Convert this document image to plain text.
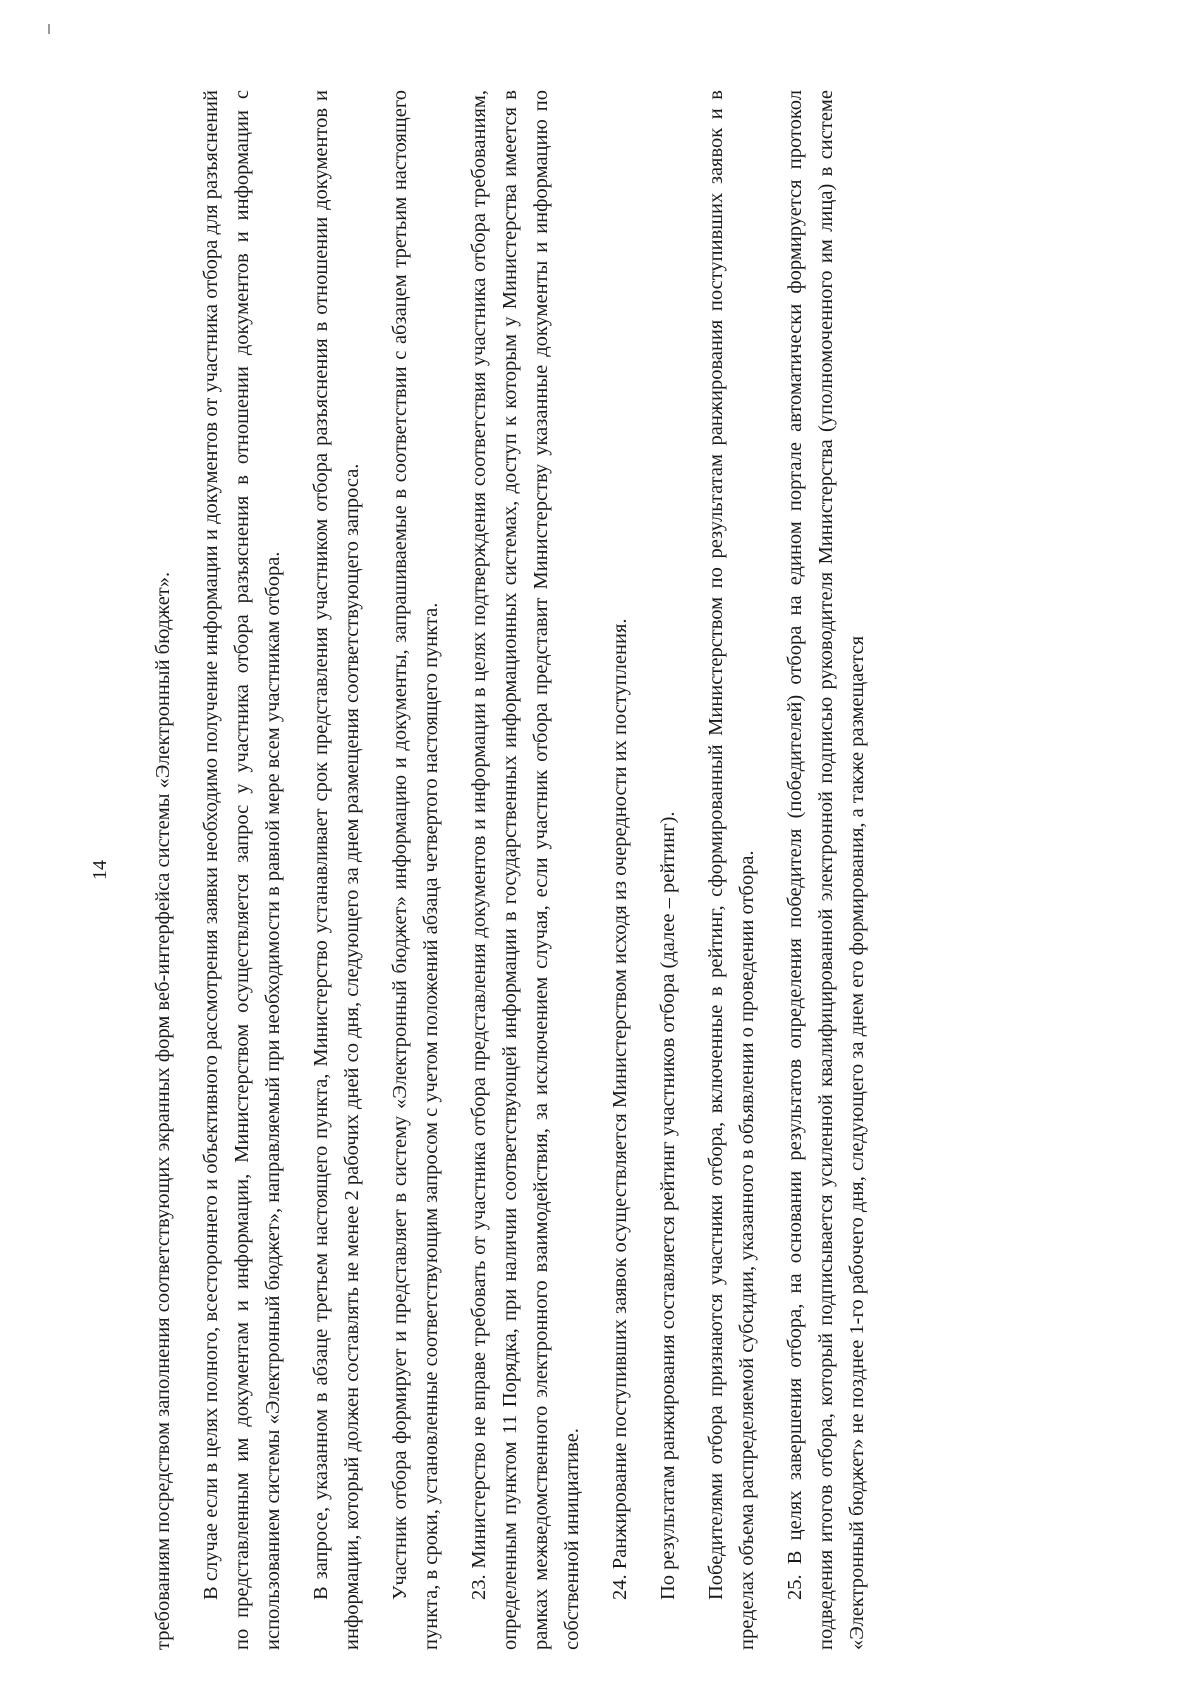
14	требованиям посредством заполнения соответствующих экранных форм веб-интерфейса системы «Электронный бюджет». В случае если в целях полного, всестороннего и объективного рассмотрения заявки необходимо получение информации и документов от участника отбора для разъяснений по представленным им документам и информации, Министерством осуществляется запрос у участника отбора разъяснения в отношении документов и информации с использованием системы «Электронный бюджет», направляемый при необходимости в равной мере всем участникам отбора. В запросе, указанном в абзаце третьем настоящего пункта, Министерство устанавливает срок представления участником отбора разъяснения в отношении документов и информации, который должен составлять не менее 2 рабочих дней со дня, следующего за днем размещения соответствующего запроса. Участник отбора формирует и представляет в систему «Электронный бюджет» информацию и документы, запрашиваемые в соответствии с абзацем третьим настоящего пункта, в сроки, установленные соответствующим запросом с учетом положений абзаца четвертого настоящего пункта. 23. Министерство не вправе требовать от участника отбора представления документов и информации в целях подтверждения соответствия участника отбора требованиям, определенным пунктом 11 Порядка, при наличии соответствующей информации в государственных информационных системах, доступ к которым у Министерства имеется в рамках межведомственного электронного взаимодействия, за исключением случая, если участник отбора представит Министерству указанные документы и информацию по собственной инициативе. 24. Ранжирование поступивших заявок осуществляется Министерством исходя из очередности их поступления. По результатам ранжирования составляется рейтинг участников отбора (далее – рейтинг). Победителями отбора признаются участники отбора, включенные в рейтинг, сформированный Министерством по результатам ранжирования поступивших заявок и в пределах объема распределяемой субсидии, указанного в объявлении о проведении отбора. 25. В целях завершения отбора, на основании результатов определения победителя (победителей) отбора на едином портале автоматически формируется протокол подведения итогов отбора, который подписывается усиленной квалифицированной электронной подписью руководителя Министерства (уполномоченного им лица) в системе «Электронный бюджет» не позднее 1-го рабочего дня, следующего за днем его формирования, а также размещается
